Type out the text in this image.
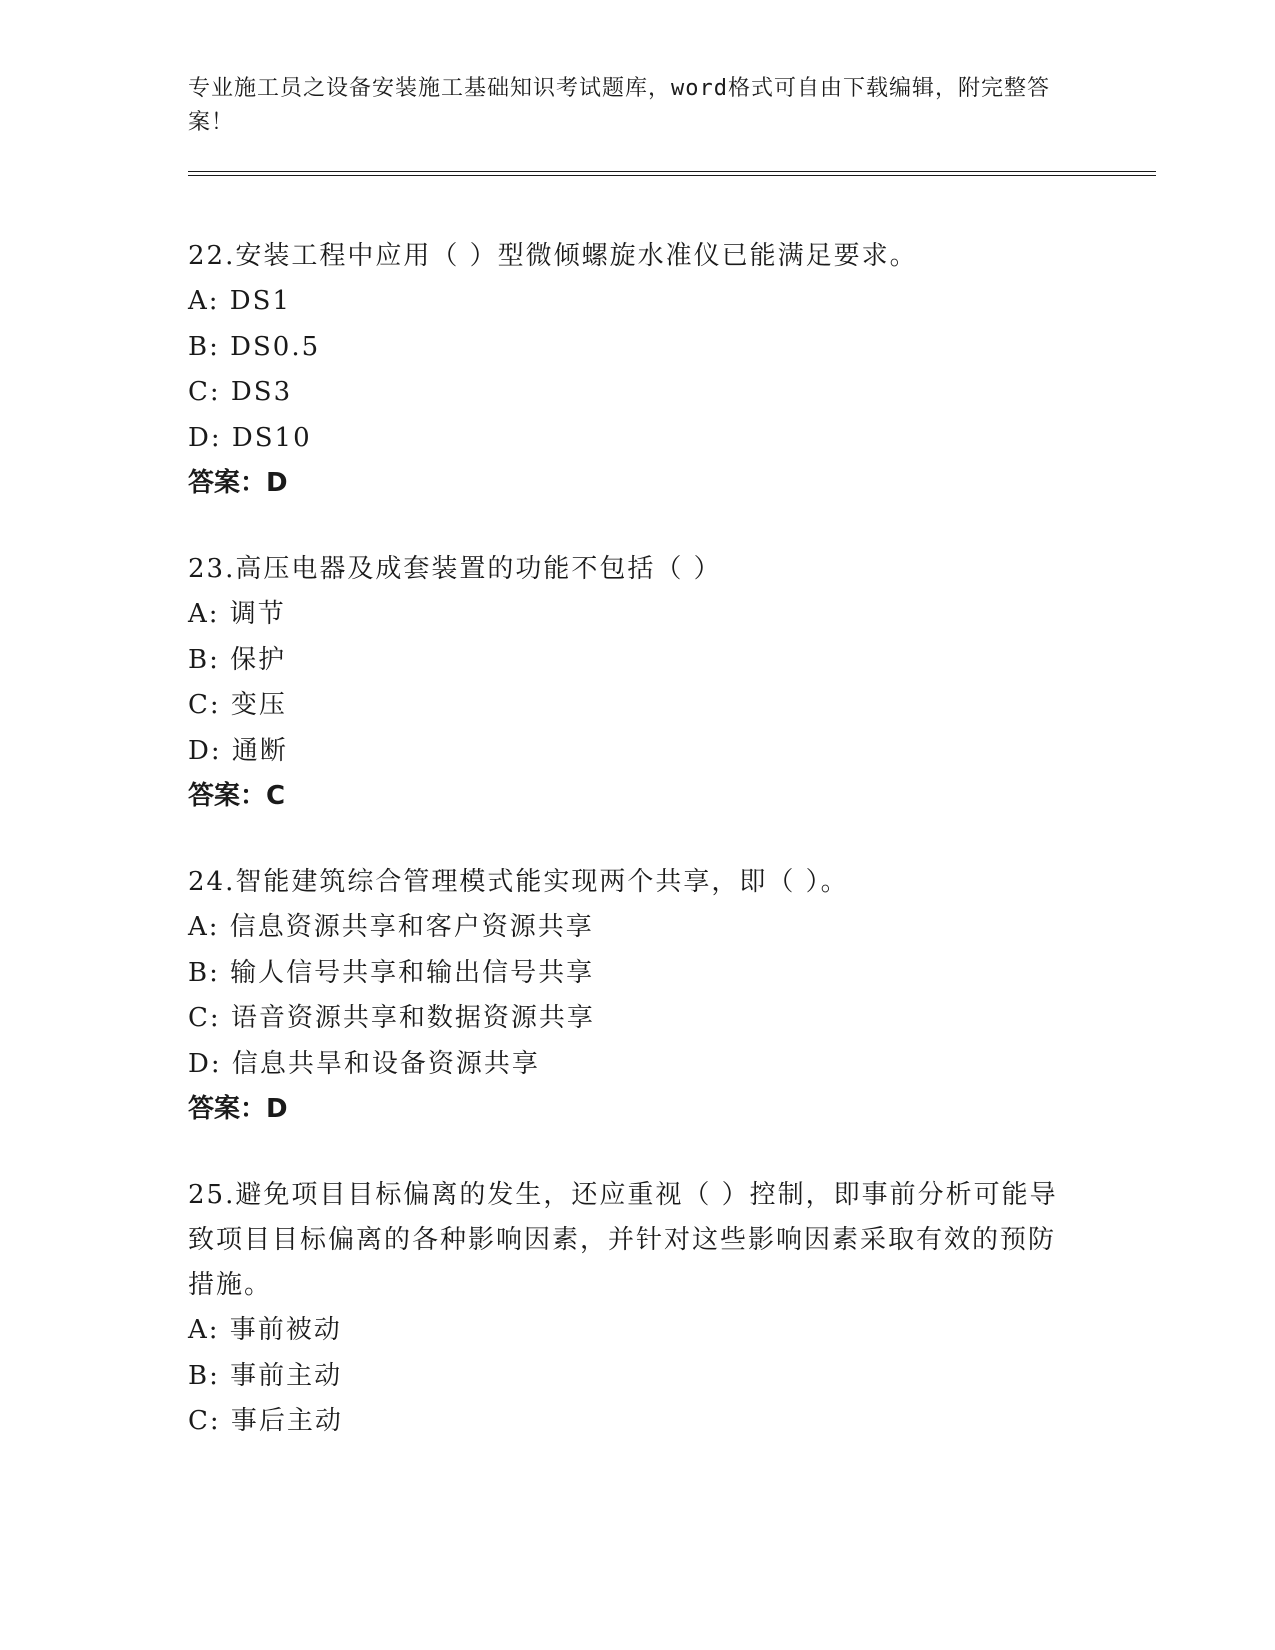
专业施工员之设备安装施工基础知识考试题库，word格式可自由下载编辑，附完整答案！
22.安装工程中应用（ ）型微倾螺旋水准仪已能满足要求。
A: DS1
B: DS0.5
C: DS3
D: DS10
答案：D
23.高压电器及成套装置的功能不包括（ ）
A: 调节
B: 保护
C: 变压
D: 通断
答案：C
24.智能建筑综合管理模式能实现两个共享，即（ ）。
A: 信息资源共享和客户资源共享
B: 输人信号共享和输出信号共享
C: 语音资源共享和数据资源共享
D: 信息共旱和设备资源共享
答案：D
25.避免项目目标偏离的发生，还应重视（ ）控制，即事前分析可能导致项目目标偏离的各种影响因素，并针对这些影响因素采取有效的预防措施。
A: 事前被动
B: 事前主动
C: 事后主动
